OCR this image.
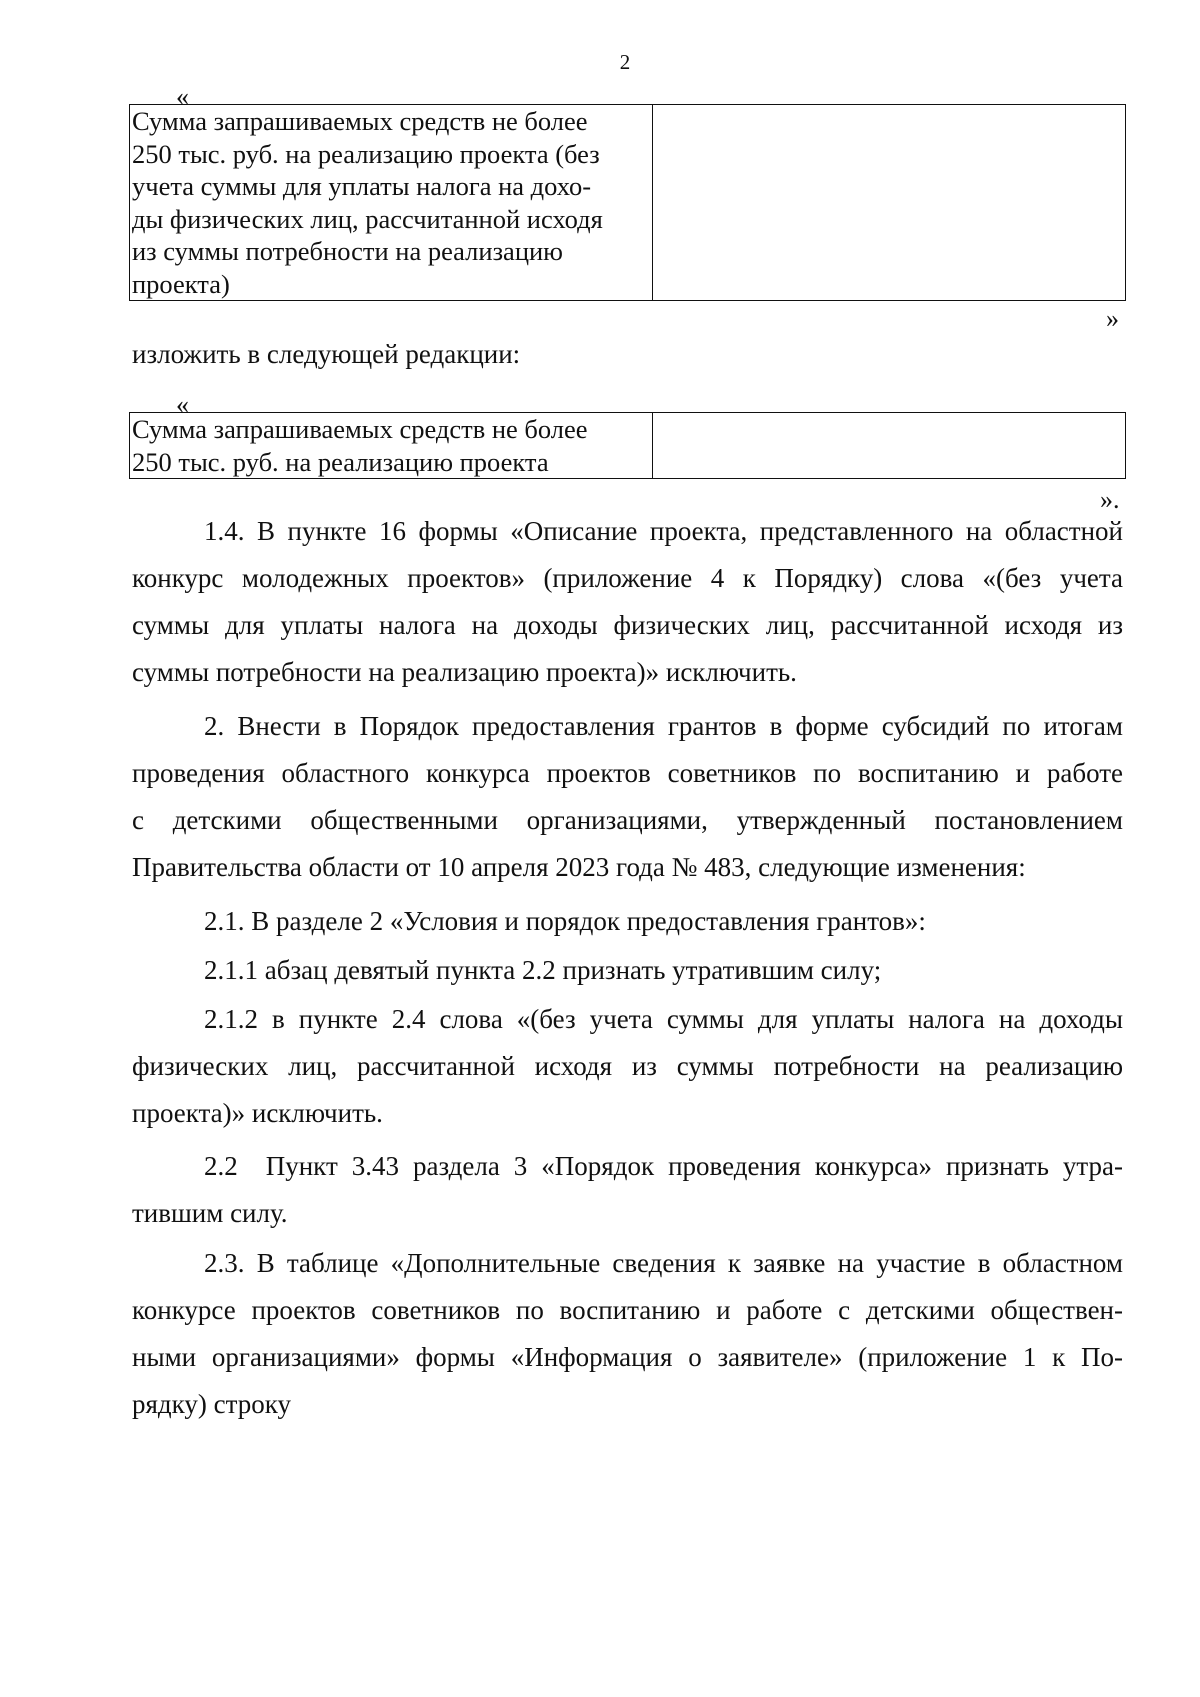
2
«
Сумма запрашиваемых средств не более
250 тыс. руб. на реализацию проекта (без
учета суммы для уплаты налога на дохо-
ды физических лиц, рассчитанной исходя
из суммы потребности на реализацию
проекта)

»
изложить в следующей редакции:
«
Сумма запрашиваемых средств не более
250 тыс. руб. на реализацию проекта

».

1.4. В пункте 16 формы «Описание проекта, представленного на областной
конкурс молодежных проектов» (приложение 4 к Порядку) слова «(без учета
суммы для уплаты налога на доходы физических лиц, рассчитанной исходя из
суммы потребности на реализацию проекта)» исключить.

2. Внести в Порядок предоставления грантов в форме субсидий по итогам
проведения областного конкурса проектов советников по воспитанию и работе
с детскими общественными организациями, утвержденный постановлением
Правительства области от 10 апреля 2023 года № 483, следующие изменения:

2.1. В разделе 2 «Условия и порядок предоставления грантов»:

2.1.1 абзац девятый пункта 2.2 признать утратившим силу;

2.1.2 в пункте 2.4 слова «(без учета суммы для уплаты налога на доходы
физических лиц, рассчитанной исходя из суммы потребности на реализацию
проекта)» исключить.

2.2  Пункт 3.43 раздела 3 «Порядок проведения конкурса» признать утра-
тившим силу.

2.3. В таблице «Дополнительные сведения к заявке на участие в областном
конкурсе проектов советников по воспитанию и работе с детскими обществен-
ными организациями» формы «Информация о заявителе» (приложение 1 к По-
рядку) строку
